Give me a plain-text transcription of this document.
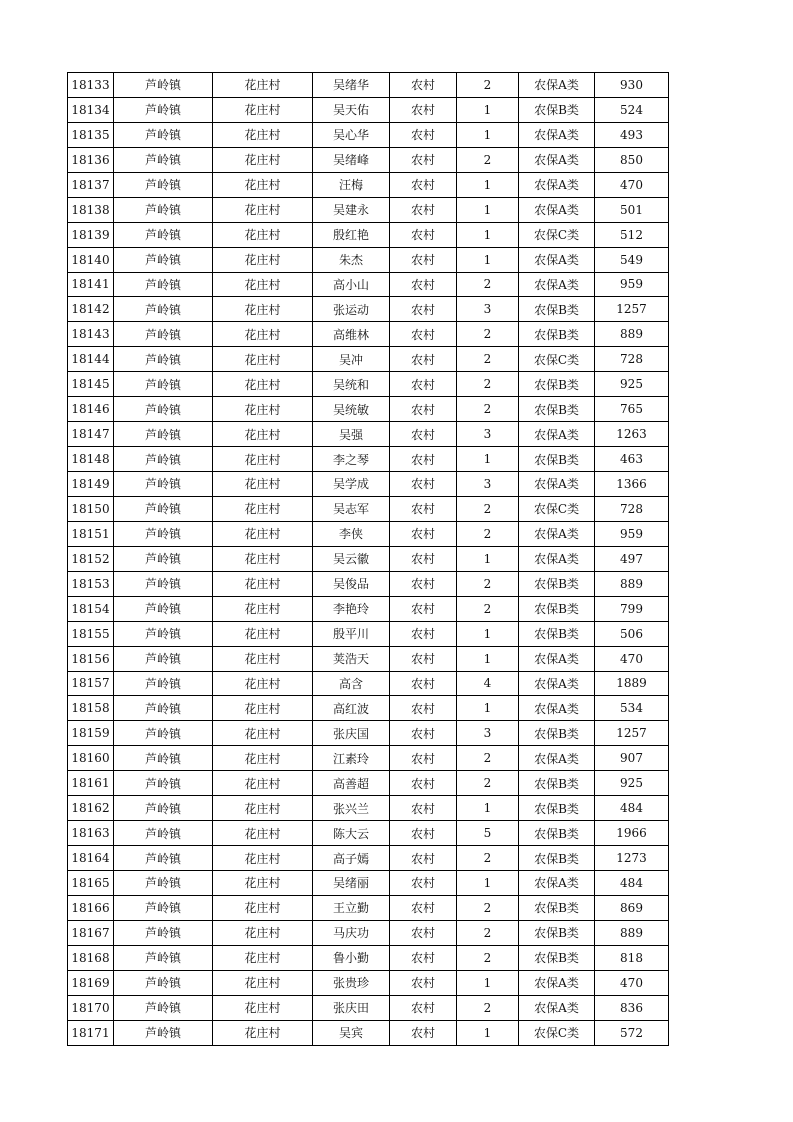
18133	芦岭镇	花庄村	吴绪华	农村	2	农保A类	930
18134	芦岭镇	花庄村	吴天佑	农村	1	农保B类	524
18135	芦岭镇	花庄村	吴心华	农村	1	农保A类	493
18136	芦岭镇	花庄村	吴绪峰	农村	2	农保A类	850
18137	芦岭镇	花庄村	汪梅	农村	1	农保A类	470
18138	芦岭镇	花庄村	吴建永	农村	1	农保A类	501
18139	芦岭镇	花庄村	殷红艳	农村	1	农保C类	512
18140	芦岭镇	花庄村	朱杰	农村	1	农保A类	549
18141	芦岭镇	花庄村	高小山	农村	2	农保A类	959
18142	芦岭镇	花庄村	张运动	农村	3	农保B类	1257
18143	芦岭镇	花庄村	高维林	农村	2	农保B类	889
18144	芦岭镇	花庄村	吴冲	农村	2	农保C类	728
18145	芦岭镇	花庄村	吴统和	农村	2	农保B类	925
18146	芦岭镇	花庄村	吴统敏	农村	2	农保B类	765
18147	芦岭镇	花庄村	吴强	农村	3	农保A类	1263
18148	芦岭镇	花庄村	李之琴	农村	1	农保B类	463
18149	芦岭镇	花庄村	吴学成	农村	3	农保A类	1366
18150	芦岭镇	花庄村	吴志军	农村	2	农保C类	728
18151	芦岭镇	花庄村	李侠	农村	2	农保A类	959
18152	芦岭镇	花庄村	吴云徽	农村	1	农保A类	497
18153	芦岭镇	花庄村	吴俊品	农村	2	农保B类	889
18154	芦岭镇	花庄村	李艳玲	农村	2	农保B类	799
18155	芦岭镇	花庄村	殷平川	农村	1	农保B类	506
18156	芦岭镇	花庄村	荚浩天	农村	1	农保A类	470
18157	芦岭镇	花庄村	高含	农村	4	农保A类	1889
18158	芦岭镇	花庄村	高红波	农村	1	农保A类	534
18159	芦岭镇	花庄村	张庆国	农村	3	农保B类	1257
18160	芦岭镇	花庄村	江素玲	农村	2	农保A类	907
18161	芦岭镇	花庄村	高善超	农村	2	农保B类	925
18162	芦岭镇	花庄村	张兴兰	农村	1	农保B类	484
18163	芦岭镇	花庄村	陈大云	农村	5	农保B类	1966
18164	芦岭镇	花庄村	高子嫣	农村	2	农保B类	1273
18165	芦岭镇	花庄村	吴绪丽	农村	1	农保A类	484
18166	芦岭镇	花庄村	王立勤	农村	2	农保B类	869
18167	芦岭镇	花庄村	马庆功	农村	2	农保B类	889
18168	芦岭镇	花庄村	鲁小勤	农村	2	农保B类	818
18169	芦岭镇	花庄村	张贵珍	农村	1	农保A类	470
18170	芦岭镇	花庄村	张庆田	农村	2	农保A类	836
18171	芦岭镇	花庄村	吴宾	农村	1	农保C类	572
